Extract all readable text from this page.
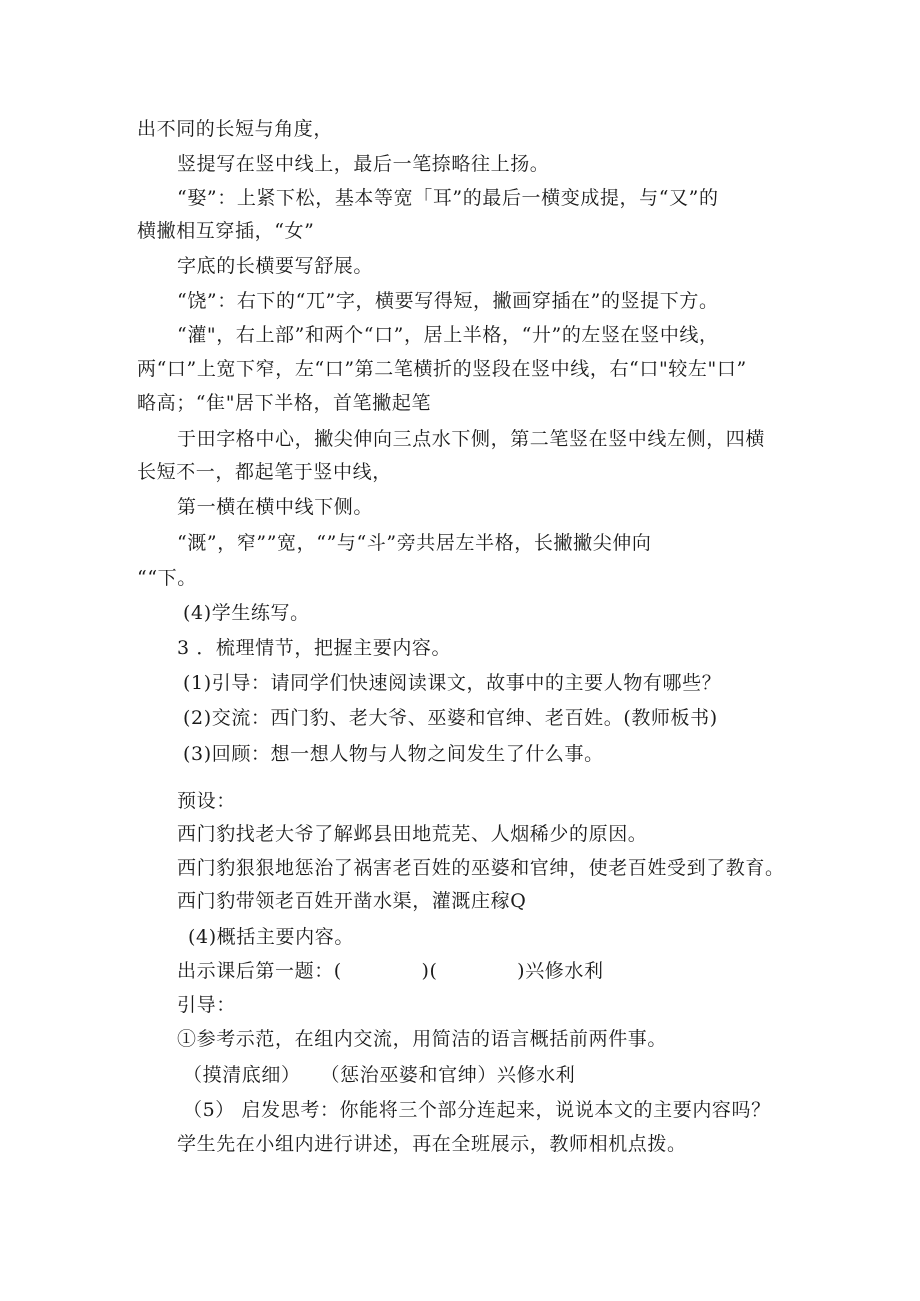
出不同的长短与角度，
竖提写在竖中线上，最后一笔捺略往上扬。
“娶”：上紧下松，基本等宽「耳”的最后一横变成提，与“又”的
横撇相互穿插，“女”
字底的长横要写舒展。
“饶”：右下的“兀”字，横要写得短，撇画穿插在”的竖提下方。
“灌"，右上部”和两个“口”，居上半格，“廾”的左竖在竖中线，
两“口”上宽下窄，左“口”第二笔横折的竖段在竖中线，右“口"较左"口”
略高；“隹"居下半格，首笔撇起笔
于田字格中心，撇尖伸向三点水下侧，第二笔竖在竖中线左侧，四横
长短不一，都起笔于竖中线，
第一横在横中线下侧。
“溉”，窄””宽，“”与“斗”旁共居左半格，长撇撇尖伸向
““下。
(4)学生练写。
3 ．梳理情节，把握主要内容。
(1)引导：请同学们快速阅读课文，故事中的主要人物有哪些？
(2)交流：西门豹、老大爷、巫婆和官绅、老百姓。(教师板书)
(3)回顾：想一想人物与人物之间发生了什么事。
预设：
西门豹找老大爷了解邺县田地荒芜、人烟稀少的原因。
西门豹狠狠地惩治了祸害老百姓的巫婆和官绅，使老百姓受到了教育。
西门豹带领老百姓开凿水渠，灌溉庄稼Q
(4)概括主要内容。
出示课后第一题：(            )(            )兴修水利
引导：
①参考示范，在组内交流，用简洁的语言概括前两件事。
（摸清底细）   （惩治巫婆和官绅）兴修水利
（5） 启发思考：你能将三个部分连起来，说说本文的主要内容吗？
学生先在小组内进行讲述，再在全班展示，教师相机点拨。
